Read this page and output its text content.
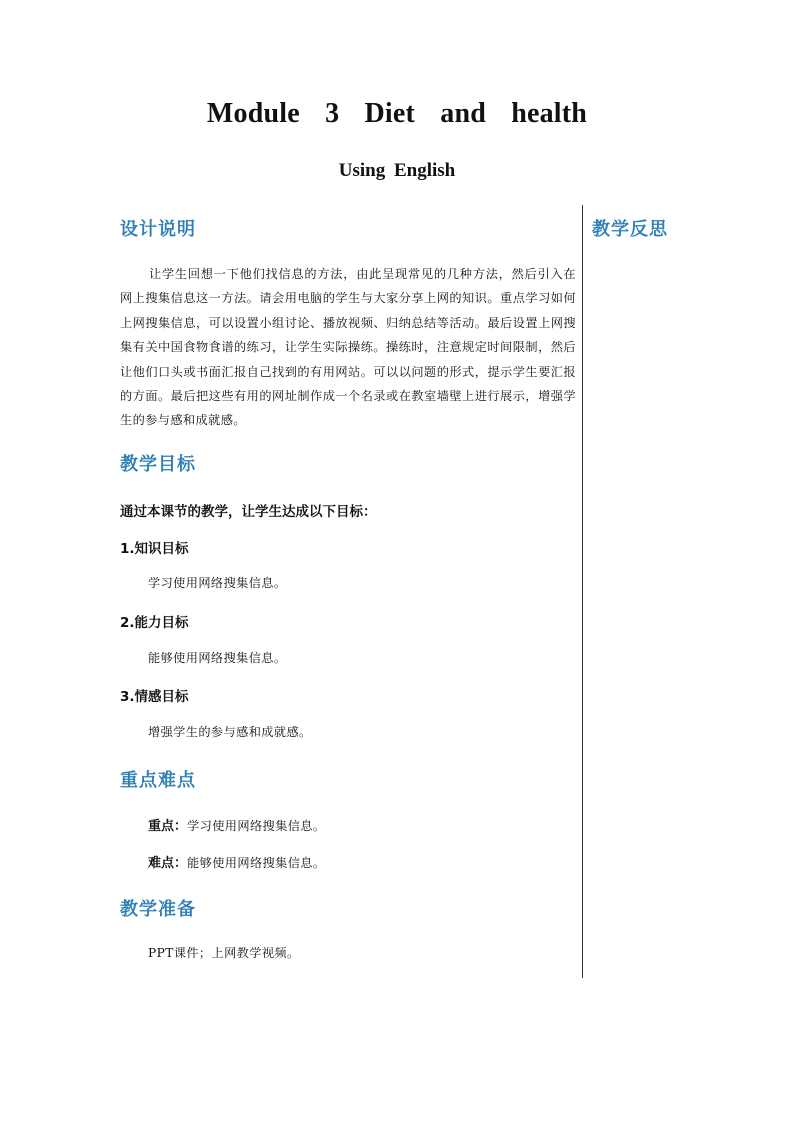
Module 3 Diet and health
Using English
教学反思
设计说明
让学生回想一下他们找信息的方法，由此呈现常见的几种方法，然后引入在网上搜集信息这一方法。请会用电脑的学生与大家分享上网的知识。重点学习如何上网搜集信息，可以设置小组讨论、播放视频、归纳总结等活动。最后设置上网搜集有关中国食物食谱的练习，让学生实际操练。操练时，注意规定时间限制，然后让他们口头或书面汇报自己找到的有用网站。可以以问题的形式，提示学生要汇报的方面。最后把这些有用的网址制作成一个名录或在教室墙壁上进行展示，增强学生的参与感和成就感。
教学目标
通过本课节的教学，让学生达成以下目标：
1.知识目标
学习使用网络搜集信息。
2.能力目标
能够使用网络搜集信息。
3.情感目标
增强学生的参与感和成就感。
重点难点
重点：学习使用网络搜集信息。
难点：能够使用网络搜集信息。
教学准备
PPT课件；上网教学视频。
